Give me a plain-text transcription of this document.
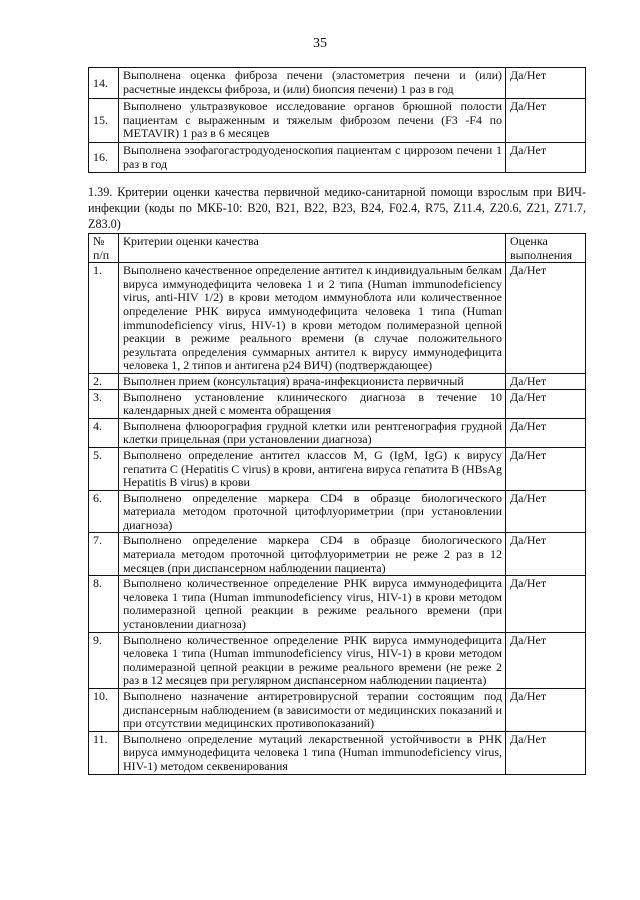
35
14.	Выполнена оценка фиброза печени (эластометрия печени и (или) расчетные индексы фиброза, и (или) биопсия печени) 1 раз в год	Да/Нет
15.	Выполнено ультразвуковое исследование органов брюшной полости пациентам с выраженным и тяжелым фиброзом печени (F3 -F4 по METAVIR) 1 раз в 6 месяцев	Да/Нет
16.	Выполнена эзофагогастродуоденоскопия пациентам с циррозом печени 1 раз в год	Да/Нет
1.39. Критерии оценки качества первичной медико-санитарной помощи взрослым при ВИЧ-инфекции (коды по МКБ-10: B20, B21, B22, B23, B24, F02.4, R75, Z11.4, Z20.6, Z21, Z71.7, Z83.0)
№ п/п	Критерии оценки качества	Оценка выполнения
1.	Выполнено качественное определение антител к индивидуальным белкам вируса иммунодефицита человека 1 и 2 типа (Human immunodeficiency virus, anti-HIV 1/2) в крови методом иммуноблота или количественное определение РНК вируса иммунодефицита человека 1 типа (Human immunodeficiency virus, HIV-1) в крови методом полимеразной цепной реакции в режиме реального времени (в случае положительного результата определения суммарных антител к вирусу иммунодефицита человека 1, 2 типов и антигена р24 ВИЧ) (подтверждающее)	Да/Нет
2.	Выполнен прием (консультация) врача-инфекциониста первичный	Да/Нет
3.	Выполнено установление клинического диагноза в течение 10 календарных дней с момента обращения	Да/Нет
4.	Выполнена флюорография грудной клетки или рентгенография грудной клетки прицельная (при установлении диагноза)	Да/Нет
5.	Выполнено определение антител классов M, G (IgM, IgG) к вирусу гепатита C (Hepatitis C virus) в крови, антигена вируса гепатита B (HBsAg Hepatitis B virus) в крови	Да/Нет
6.	Выполнено определение маркера CD4 в образце биологического материала методом проточной цитофлуориметрии (при установлении диагноза)	Да/Нет
7.	Выполнено определение маркера CD4 в образце биологического материала методом проточной цитофлуориметрии не реже 2 раз в 12 месяцев (при диспансерном наблюдении пациента)	Да/Нет
8.	Выполнено количественное определение РНК вируса иммунодефицита человека 1 типа (Human immunodeficiency virus, HIV-1) в крови методом полимеразной цепной реакции в режиме реального времени (при установлении диагноза)	Да/Нет
9.	Выполнено количественное определение РНК вируса иммунодефицита человека 1 типа (Human immunodeficiency virus, HIV-1) в крови методом полимеразной цепной реакции в режиме реального времени (не реже 2 раз в 12 месяцев при регулярном диспансерном наблюдении пациента)	Да/Нет
10.	Выполнено назначение антиретровирусной терапии состоящим под диспансерным наблюдением (в зависимости от медицинских показаний и при отсутствии медицинских противопоказаний)	Да/Нет
11.	Выполнено определение мутаций лекарственной устойчивости в РНК вируса иммунодефицита человека 1 типа (Human immunodeficiency virus, HIV-1) методом секвенирования	Да/Нет
